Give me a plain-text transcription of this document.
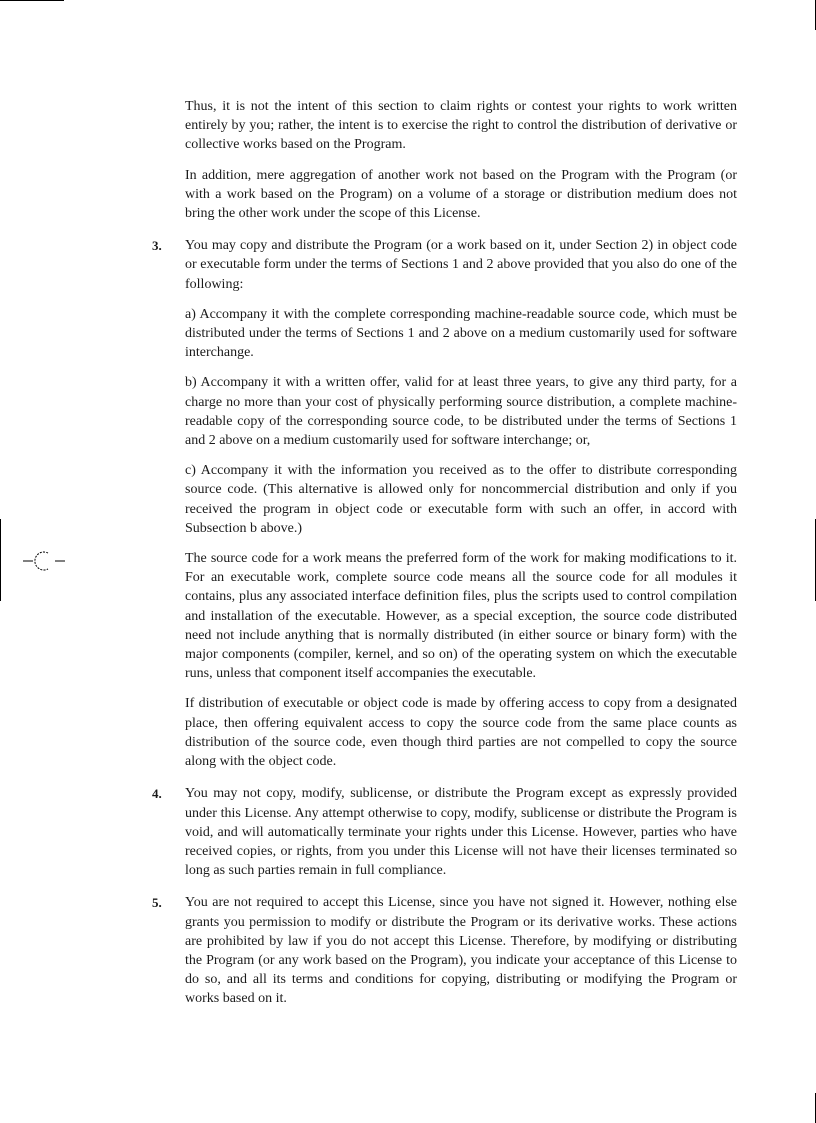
Thus, it is not the intent of this section to claim rights or contest your rights to work written entirely by you; rather, the intent is to exercise the right to control the distribution of derivative or collective works based on the Program.

In addition, mere aggregation of another work not based on the Program with the Program (or with a work based on the Program) on a volume of a storage or distribution medium does not bring the other work under the scope of this License.

3. You may copy and distribute the Program (or a work based on it, under Section 2) in object code or executable form under the terms of Sections 1 and 2 above provided that you also do one of the following:

a) Accompany it with the complete corresponding machine-readable source code, which must be distributed under the terms of Sections 1 and 2 above on a medium customarily used for software interchange.

b) Accompany it with a written offer, valid for at least three years, to give any third party, for a charge no more than your cost of physically performing source distribution, a complete machine-readable copy of the corresponding source code, to be distributed under the terms of Sections 1 and 2 above on a medium customarily used for software interchange; or,

c) Accompany it with the information you received as to the offer to distribute corresponding source code. (This alternative is allowed only for noncommercial distribution and only if you received the program in object code or executable form with such an offer, in accord with Subsection b above.)

The source code for a work means the preferred form of the work for making modifications to it. For an executable work, complete source code means all the source code for all modules it contains, plus any associated interface definition files, plus the scripts used to control compilation and installation of the executable. However, as a special exception, the source code distributed need not include anything that is normally distributed (in either source or binary form) with the major components (compiler, kernel, and so on) of the operating system on which the executable runs, unless that component itself accompanies the executable.

If distribution of executable or object code is made by offering access to copy from a designated place, then offering equivalent access to copy the source code from the same place counts as distribution of the source code, even though third parties are not compelled to copy the source along with the object code.

4. You may not copy, modify, sublicense, or distribute the Program except as expressly provided under this License. Any attempt otherwise to copy, modify, sublicense or distribute the Program is void, and will automatically terminate your rights under this License. However, parties who have received copies, or rights, from you under this License will not have their licenses terminated so long as such parties remain in full compliance.

5. You are not required to accept this License, since you have not signed it. However, nothing else grants you permission to modify or distribute the Program or its derivative works. These actions are prohibited by law if you do not accept this License. Therefore, by modifying or distributing the Program (or any work based on the Program), you indicate your acceptance of this License to do so, and all its terms and conditions for copying, distributing or modifying the Program or works based on it.
